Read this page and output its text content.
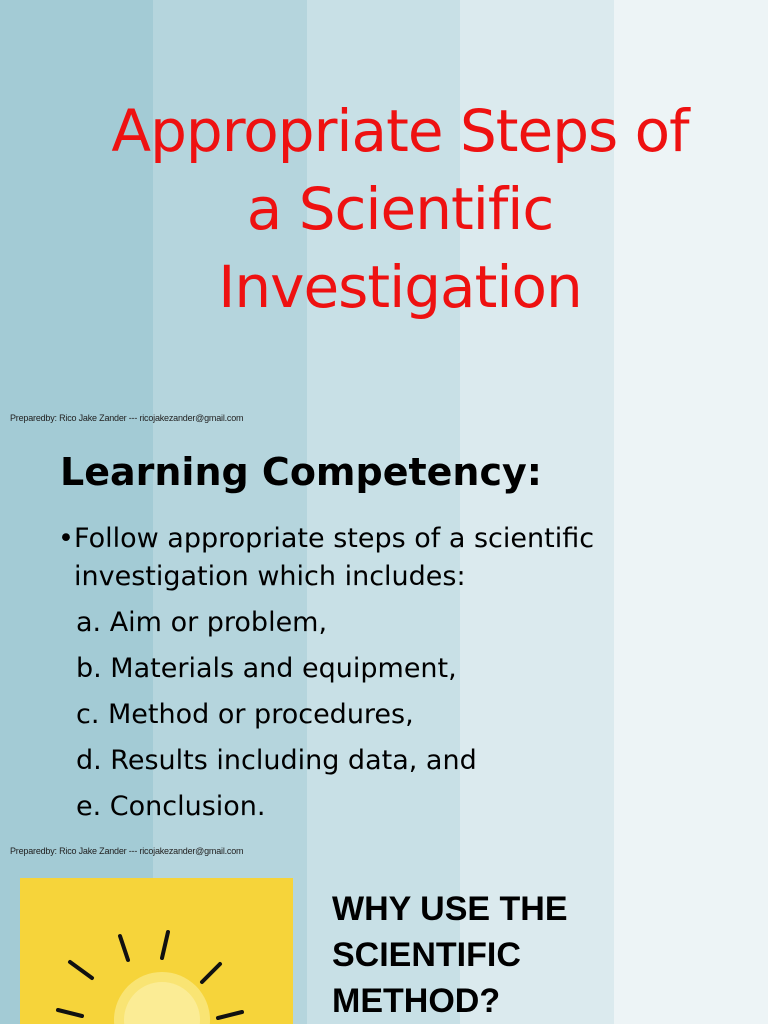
Appropriate Steps of
a Scientific
Investigation
Preparedby: Rico Jake Zander --- ricojakezander@gmail.com
Learning Competency:
•Follow appropriate steps of a scientific
investigation which includes:
a. Aim or problem,
b. Materials and equipment,
c. Method or procedures,
d. Results including data, and
e. Conclusion.
Preparedby: Rico Jake Zander --- ricojakezander@gmail.com
WHY USE THE
SCIENTIFIC
METHOD?
